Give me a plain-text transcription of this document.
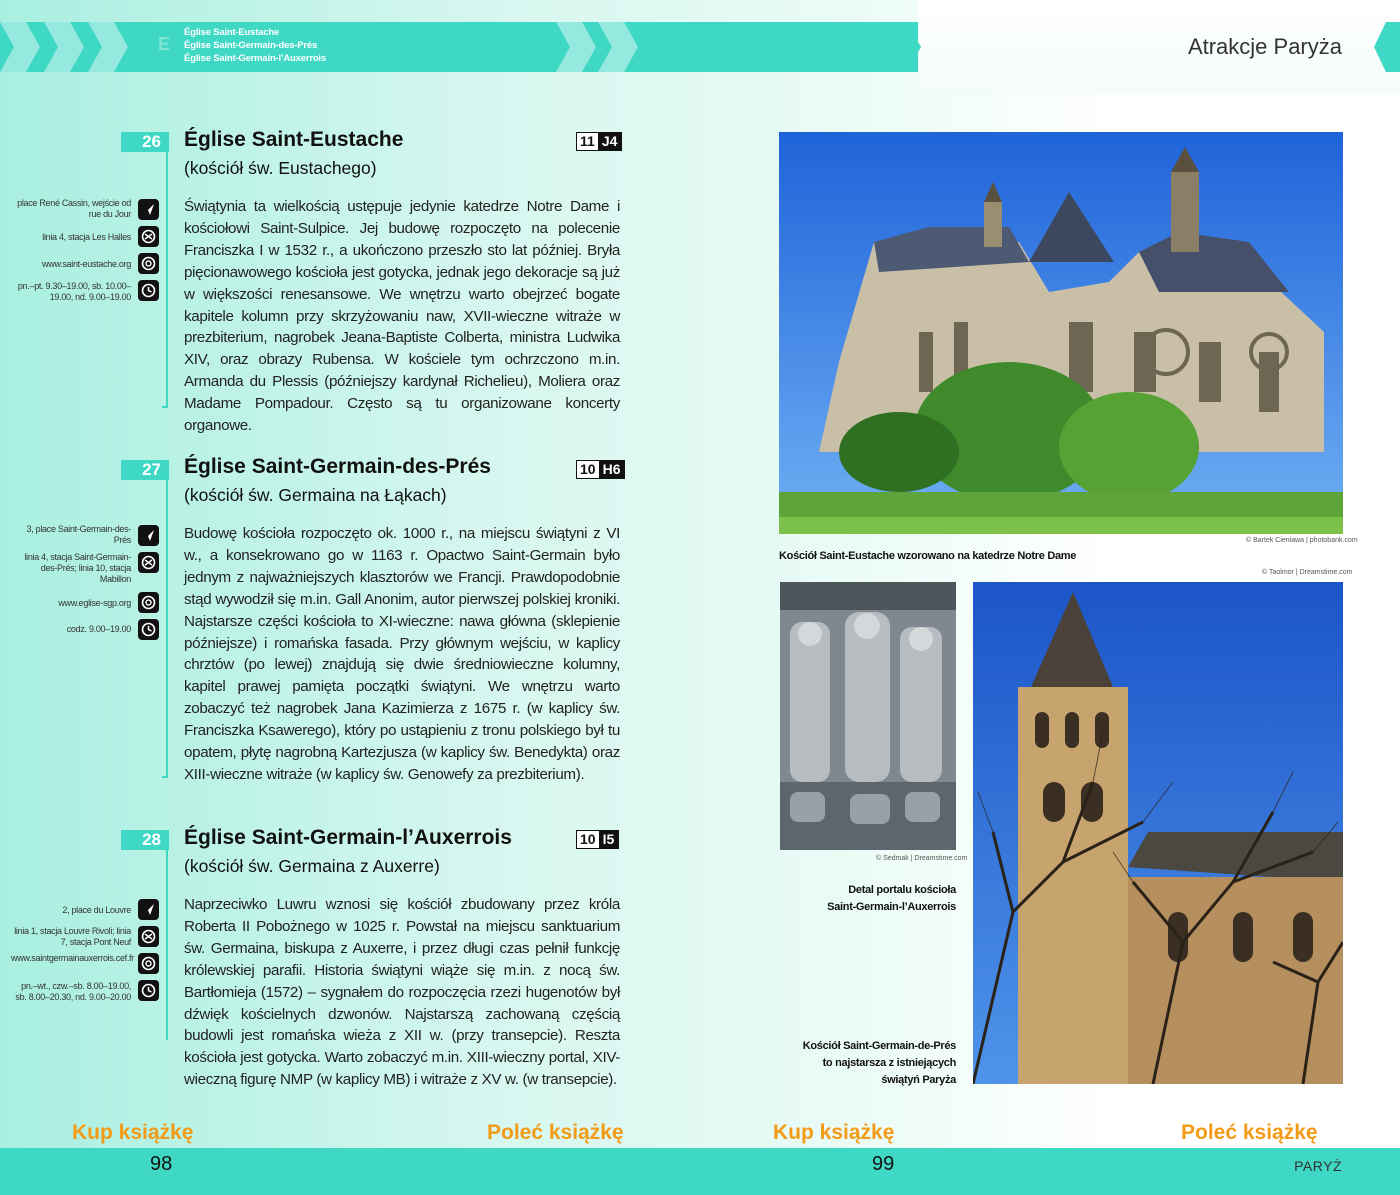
E
Église Saint-Eustache
Église Saint-Germain-des-Prés
Église Saint-Germain-l’Auxerrois	Atrakcje Paryża
26	Église Saint-Eustache
(kościół św. Eustachego)
11 J4
place René Cassin, wejście od rue du Jour
linia 4, stacja Les Halles
www.saint-eustache.org
pn.–pt. 9.30–19.00, sb. 10.00–19.00, nd. 9.00–19.00
Świątynia ta wielkością ustępuje jedynie katedrze Notre Dame i kościołowi Saint-Sulpice. Jej budowę rozpoczęto na polecenie Franciszka I w 1532 r., a ukończono przeszło sto lat później. Bryła pięcionawowego kościoła jest gotycka, jednak jego dekoracje są już w większości renesansowe. We wnętrzu warto obejrzeć bogate kapitele kolumn przy skrzyżowaniu naw, XVII-wieczne witraże w prezbiterium, nagrobek Jeana-Baptiste Colberta, ministra Ludwika XIV, oraz obrazy Rubensa. W kościele tym ochrzczono m.in. Armanda du Plessis (późniejszy kardynał Richelieu), Moliera oraz Madame Pompadour. Często są tu organizowane koncerty organowe.
27	Église Saint-Germain-des-Prés
(kościół św. Germaina na Łąkach)
10 H6
3, place Saint-Germain-des-Prés
linia 4, stacja Saint-Germain-des-Prés; linia 10, stacja Mabillon
www.eglise-sgp.org
codz. 9.00–19.00
Budowę kościoła rozpoczęto ok. 1000 r., na miejscu świątyni z VI w., a konsekrowano go w 1163 r. Opactwo Saint-Germain było jednym z najważniejszych klasztorów we Francji. Prawdopodobnie stąd wywodził się m.in. Gall Anonim, autor pierwszej polskiej kroniki. Najstarsze części kościoła to XI-wieczne: nawa główna (sklepienie późniejsze) i romańska fasada. Przy głównym wejściu, w kaplicy chrztów (po lewej) znajdują się dwie średniowieczne kolumny, kapitel prawej pamięta początki świątyni. We wnętrzu warto zobaczyć też nagrobek Jana Kazimierza z 1675 r. (w kaplicy św. Franciszka Ksawerego), który po ustąpieniu z tronu polskiego był tu opatem, płytę nagrobną Kartezjusza (w kaplicy św. Benedykta) oraz XIII-wieczne witraże (w kaplicy św. Genowefy za prezbiterium).
28	Église Saint-Germain-l’Auxerrois
(kościół św. Germaina z Auxerre)
10 I5
2, place du Louvre
linia 1, stacja Louvre Rivoli; linia 7, stacja Pont Neuf
www.saintgermainauxerrois.cef.fr
pn.–wt., czw.–sb. 8.00–19.00, sb. 8.00–20.30, nd. 9.00–20.00
Naprzeciwko Luwru wznosi się kościół zbudowany przez króla Roberta II Pobożnego w 1025 r. Powstał na miejscu sanktuarium św. Germaina, biskupa z Auxerre, i przez długi czas pełnił funkcję królewskiej parafii. Historia świątyni wiąże się m.in. z nocą św. Bartłomieja (1572) – sygnałem do rozpoczęcia rzezi hugenotów był dźwięk kościelnych dzwonów. Najstarszą zachowaną częścią budowli jest romańska wieża z XII w. (przy transepcie). Reszta kościoła jest gotycka. Warto zobaczyć m.in. XIII-wieczny portal, XIV-wieczną figurę NMP (w kaplicy MB) i witraże z XV w. (w transepcie).
© Bartek Cieniawa | photobank.com
Kościół Saint-Eustache wzorowano na katedrze Notre Dame
© Taolmor | Dreamstime.com
© Sedmak | Dreamstime.com
Detal portalu kościoła
Saint-Germain-l’Auxerrois
Kościół Saint-Germain-de-Prés
to najstarsza z istniejących
świątyń Paryża
Kup książkę	Poleć książkę	Kup książkę	Poleć książkę
98	99	PARYŻ
